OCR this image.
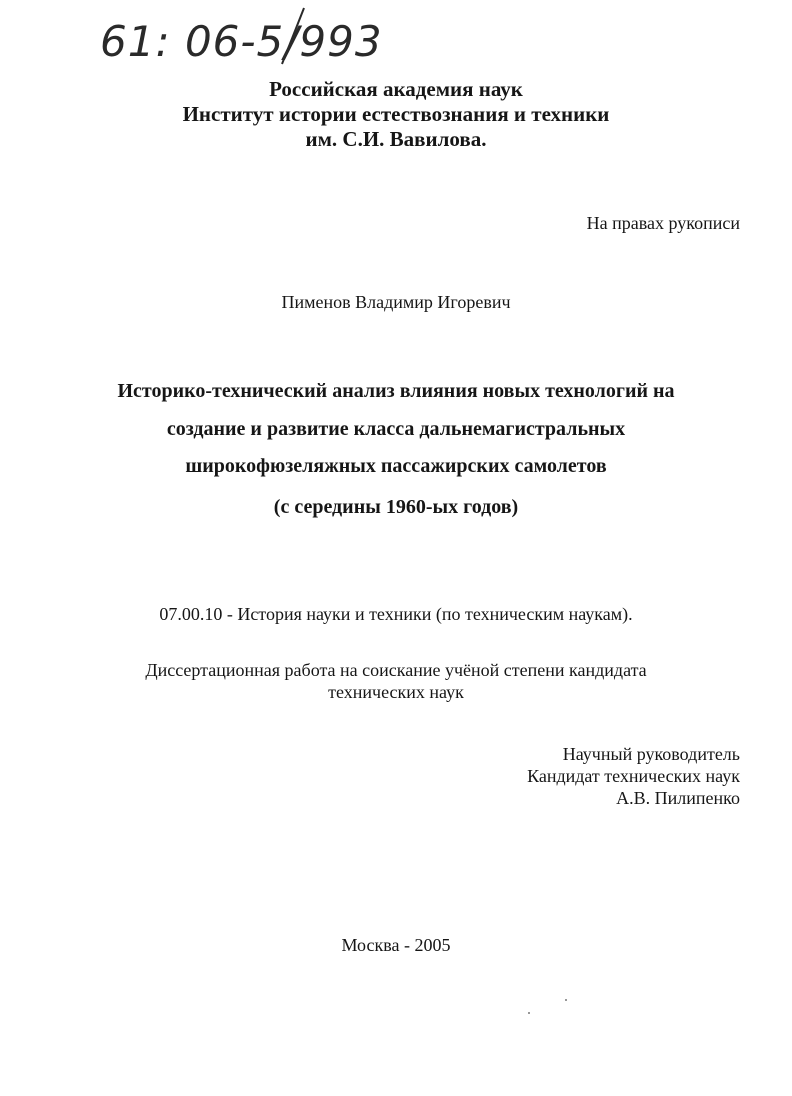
61: 06-5/993
Российская академия наук
Институт истории естествознания и техники
им. С.И. Вавилова.
На правах рукописи
Пименов Владимир Игоревич
Историко-технический анализ влияния новых технологий на
создание и развитие класса дальнемагистральных
широкофюзеляжных пассажирских самолетов
(с середины 1960-ых годов)
07.00.10 - История науки и техники (по техническим наукам).
Диссертационная работа на соискание учёной степени кандидата
технических наук
Научный руководитель
Кандидат технических наук
А.В. Пилипенко
Москва - 2005
